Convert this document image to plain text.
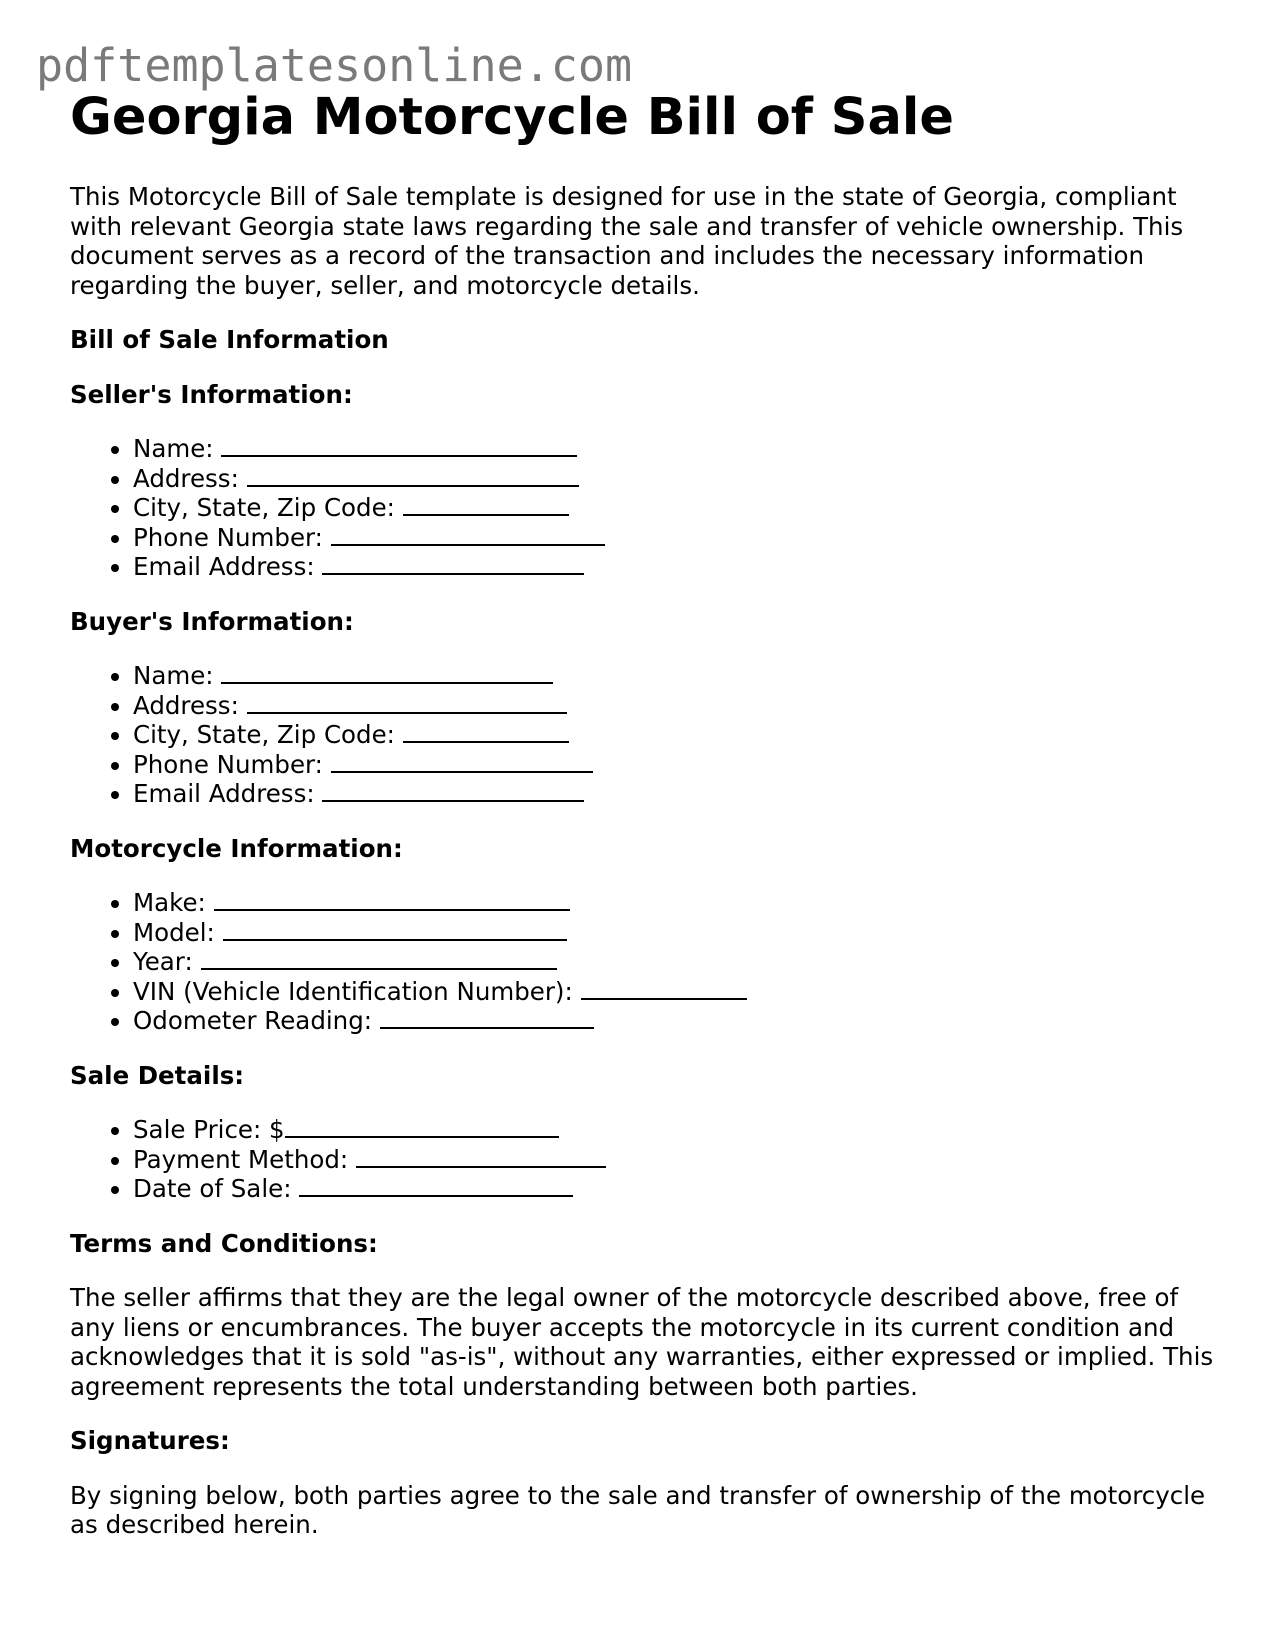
pdftemplatesonline.com
Georgia Motorcycle Bill of Sale

This Motorcycle Bill of Sale template is designed for use in the state of Georgia, compliant with relevant Georgia state laws regarding the sale and transfer of vehicle ownership. This document serves as a record of the transaction and includes the necessary information regarding the buyer, seller, and motorcycle details.

Bill of Sale Information
Seller's Information:
• Name:
• Address:
• City, State, Zip Code:
• Phone Number:
• Email Address:
Buyer's Information:
• Name:
• Address:
• City, State, Zip Code:
• Phone Number:
• Email Address:
Motorcycle Information:
• Make:
• Model:
• Year:
• VIN (Vehicle Identification Number):
• Odometer Reading:
Sale Details:
• Sale Price: $
• Payment Method:
• Date of Sale:
Terms and Conditions:

The seller affirms that they are the legal owner of the motorcycle described above, free of any liens or encumbrances. The buyer accepts the motorcycle in its current condition and acknowledges that it is sold "as-is", without any warranties, either expressed or implied. This agreement represents the total understanding between both parties.

Signatures:

By signing below, both parties agree to the sale and transfer of ownership of the motorcycle as described herein.
